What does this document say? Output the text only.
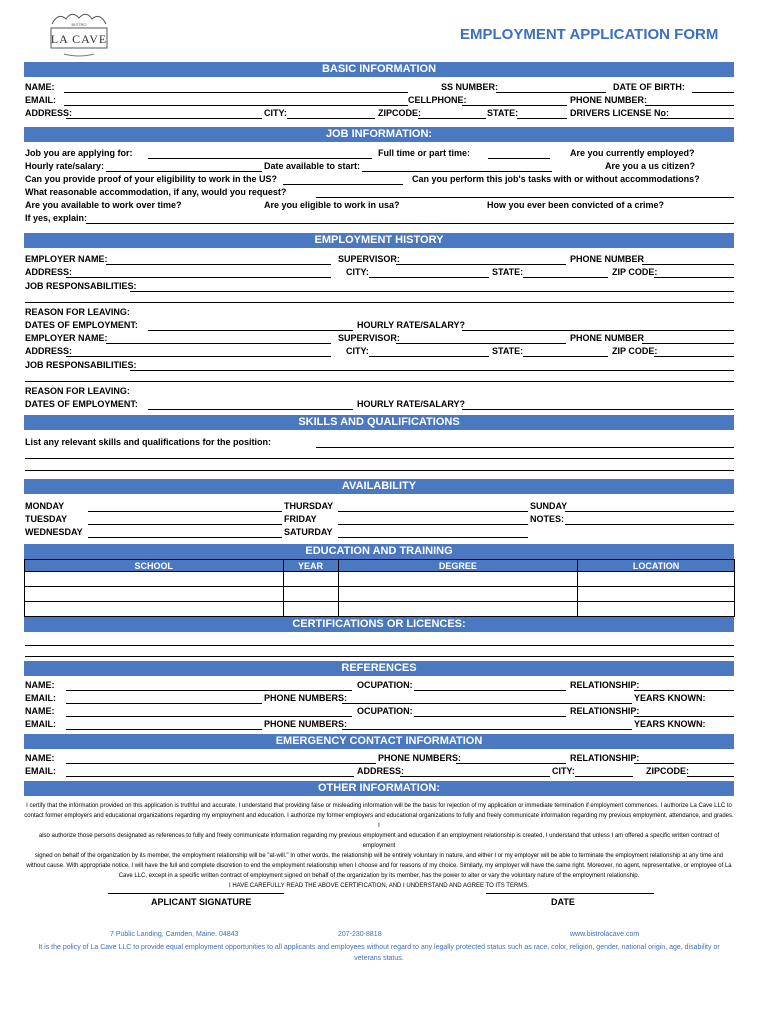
LA CAVE
BISTRO
EMPLOYMENT APPLICATION FORM
BASIC INFORMATION
NAME:	SS NUMBER:	DATE OF BIRTH:
EMAIL:	CELLPHONE:	PHONE NUMBER:
ADDRESS:	CITY:	ZIPCODE:	STATE:	DRIVERS LICENSE No:
JOB INFORMATION:
Job you are applying for:	Full time or part time:	Are you currently employed?
Hourly rate/salary:	Date available to start:	Are you a us citizen?
Can you provide proof of your eligibility to work in the US?	Can you perform this job's tasks with or without accommodations?
What reasonable accommodation, if any, would you request?
Are you available to work over time?	Are you eligible to work in usa?	How you ever been convicted of a crime?
If yes, explain:
EMPLOYMENT HISTORY
EMPLOYER NAME:	SUPERVISOR:	PHONE NUMBER
ADDRESS:	CITY:	STATE:	ZIP CODE:
JOB RESPONSABILITIES:
REASON FOR LEAVING:
DATES OF EMPLOYMENT:	HOURLY RATE/SALARY?
EMPLOYER NAME:	SUPERVISOR:	PHONE NUMBER
ADDRESS:	CITY:	STATE:	ZIP CODE:
JOB RESPONSABILITIES:
REASON FOR LEAVING:
DATES OF EMPLOYMENT:	HOURLY RATE/SALARY?
SKILLS AND QUALIFICATIONS
List any relevant skills and qualifications for the position:
AVAILABILITY
MONDAY	THURSDAY	SUNDAY
TUESDAY	FRIDAY	NOTES:
WEDNESDAY	SATURDAY
EDUCATION AND TRAINING
SCHOOL	YEAR	DEGREE	LOCATION

CERTIFICATIONS OR LICENCES:
REFERENCES
NAME:	OCUPATION:	RELATIONSHIP:
EMAIL:	PHONE NUMBERS:	YEARS KNOWN:
NAME:	OCUPATION:	RELATIONSHIP:
EMAIL:	PHONE NUMBERS:	YEARS KNOWN:
EMERGENCY CONTACT INFORMATION
NAME:	PHONE NUMBERS:	RELATIONSHIP:
EMAIL:	ADDRESS:	CITY:	ZIPCODE:
OTHER INFORMATION:
I certify that the information provided on this application is truthful and accurate. I understand that providing false or misleading information will be the basis for rejection of my application or immediate termination if employment commences. I authorize La Cave LLC to
contact former employers and educational organizations regarding my employment and education. I authorize my former employers and educational organizations to fully and freely communicate information regarding my previous employment, attendance, and grades. I
also authorize those persons designated as references to fully and freely communicate information regarding my previous employment and education if an employment relationship is created, I understand that unless I am offered a specific written contract of employment
signed on behalf of the organization by its member, the employment relationship will be "at-will." In other words, the relationship will be entirely voluntary in nature, and either I or my employer will be able to terminate the employment relationship at any time and
without cause. With appropriate notice, I will have the full and complete discretion to end the employment relationship when I choose and for reasons of my choice. Similarly, my employer will have the same right. Moreover, no agent, representative, or employee of La
Cave LLC, except in a specific written contract of employment signed on behalf of the organization by its member, has the power to alter or vary the voluntary nature of the employment relationship.
I HAVE CAREFULLY READ THE ABOVE CERTIFICATION, AND I UNDERSTAND AND AGREE TO ITS TERMS.
APLICANT SIGNATURE	DATE
7 Public Landing, Camden, Maine. 04843	207-230-8818	www.bistrolacave.com
It is the policy of La Cave LLC to provide equal employment opportunities to all applicants and employees without regard to any legally protected status such as race, color, religion, gender, national origin, age, disability or
veterans status.
